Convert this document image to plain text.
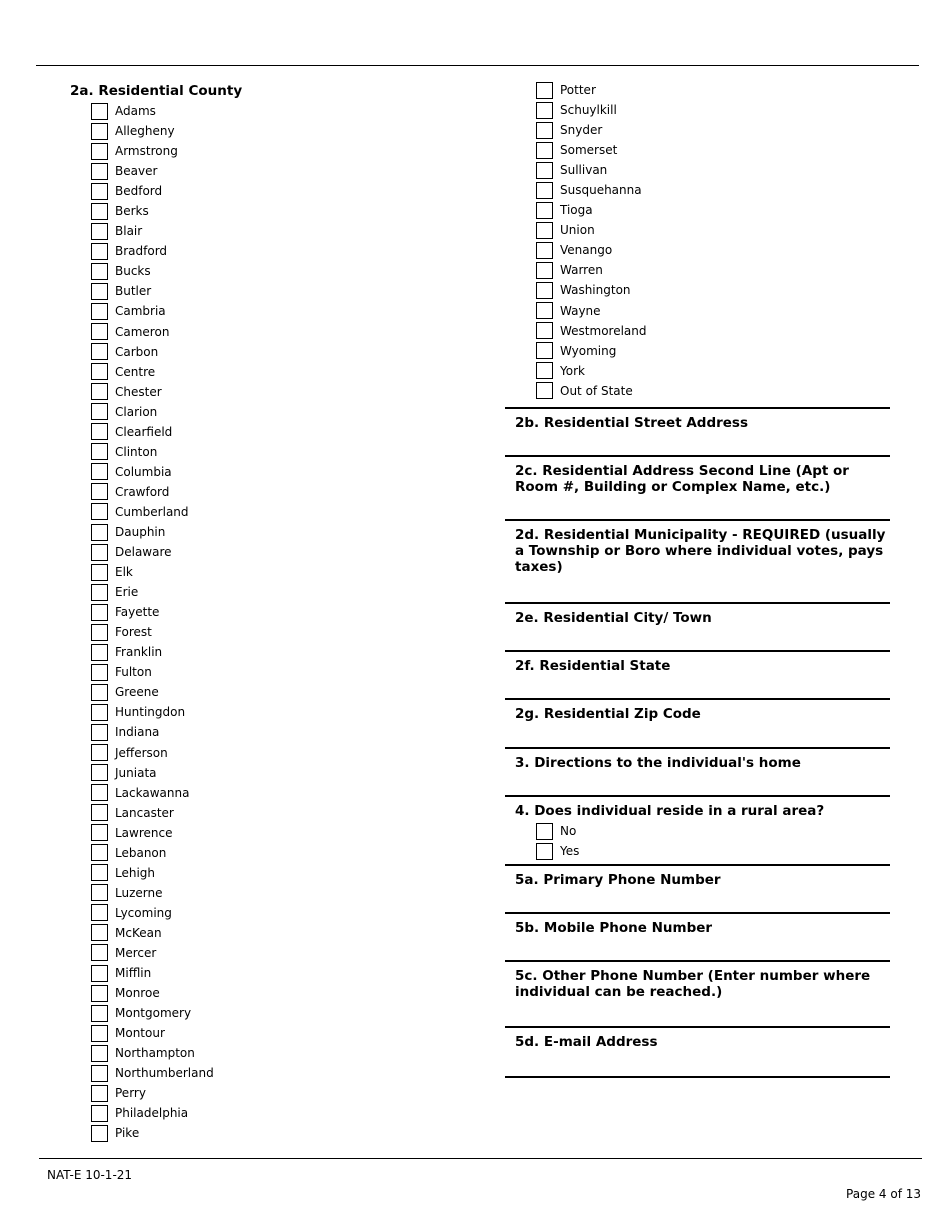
2a. Residential County
Adams
Allegheny
Armstrong
Beaver
Bedford
Berks
Blair
Bradford
Bucks
Butler
Cambria
Cameron
Carbon
Centre
Chester
Clarion
Clearfield
Clinton
Columbia
Crawford
Cumberland
Dauphin
Delaware
Elk
Erie
Fayette
Forest
Franklin
Fulton
Greene
Huntingdon
Indiana
Jefferson
Juniata
Lackawanna
Lancaster
Lawrence
Lebanon
Lehigh
Luzerne
Lycoming
McKean
Mercer
Mifflin
Monroe
Montgomery
Montour
Northampton
Northumberland
Perry
Philadelphia
Pike
Potter
Schuylkill
Snyder
Somerset
Sullivan
Susquehanna
Tioga
Union
Venango
Warren
Washington
Wayne
Westmoreland
Wyoming
York
Out of State
2b. Residential Street Address
2c. Residential Address Second Line (Apt or Room #, Building or Complex Name, etc.)
2d. Residential Municipality - REQUIRED (usually a Township or Boro where individual votes, pays taxes)
2e. Residential City/ Town
2f. Residential State
2g. Residential Zip Code
3. Directions to the individual's home
4. Does individual reside in a rural area?
No
Yes
5a. Primary Phone Number
5b. Mobile Phone Number
5c. Other Phone Number (Enter number where individual can be reached.)
5d. E-mail Address
NAT-E 10-1-21
Page 4 of 13
